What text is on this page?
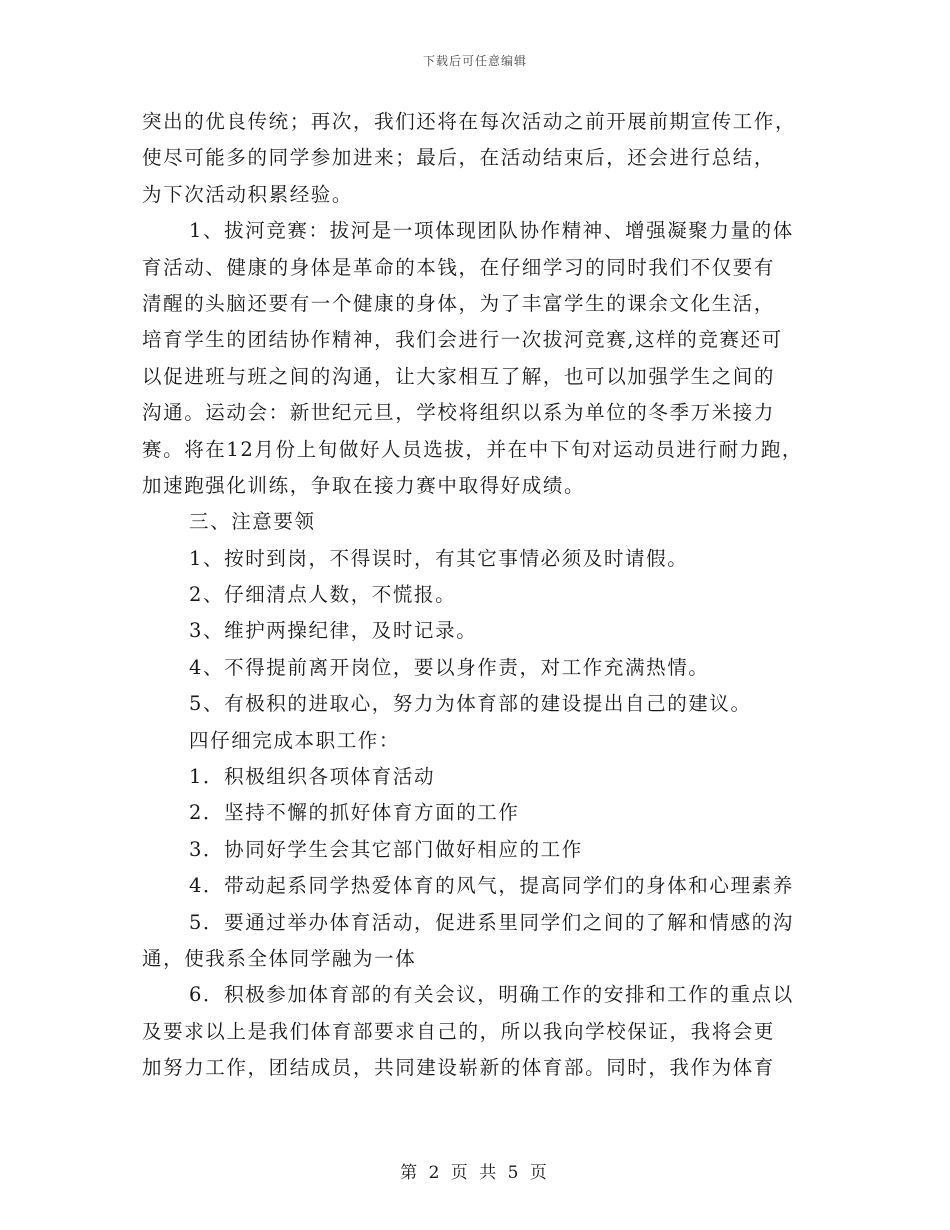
下载后可任意编辑
突出的优良传统；再次，我们还将在每次活动之前开展前期宣传工作，
使尽可能多的同学参加进来；最后，在活动结束后，还会进行总结，
为下次活动积累经验。
1、拔河竞赛：拔河是一项体现团队协作精神、增强凝聚力量的体
育活动、健康的身体是革命的本钱，在仔细学习的同时我们不仅要有
清醒的头脑还要有一个健康的身体，为了丰富学生的课余文化生活，
培育学生的团结协作精神，我们会进行一次拔河竞赛,这样的竞赛还可
以促进班与班之间的沟通，让大家相互了解，也可以加强学生之间的
沟通。运动会：新世纪元旦，学校将组织以系为单位的冬季万米接力
赛。将在12月份上旬做好人员选拔，并在中下旬对运动员进行耐力跑，
加速跑强化训练，争取在接力赛中取得好成绩。
三、注意要领
1、按时到岗，不得误时，有其它事情必须及时请假。
2、仔细清点人数，不慌报。
3、维护两操纪律，及时记录。
4、不得提前离开岗位，要以身作责，对工作充满热情。
5、有极积的进取心，努力为体育部的建设提出自己的建议。
四仔细完成本职工作：
1．积极组织各项体育活动
2．坚持不懈的抓好体育方面的工作
3．协同好学生会其它部门做好相应的工作
4．带动起系同学热爱体育的风气，提高同学们的身体和心理素养
5．要通过举办体育活动，促进系里同学们之间的了解和情感的沟
通，使我系全体同学融为一体
6．积极参加体育部的有关会议，明确工作的安排和工作的重点以
及要求以上是我们体育部要求自己的，所以我向学校保证，我将会更
加努力工作，团结成员，共同建设崭新的体育部。同时，我作为体育
第 2 页 共 5 页
